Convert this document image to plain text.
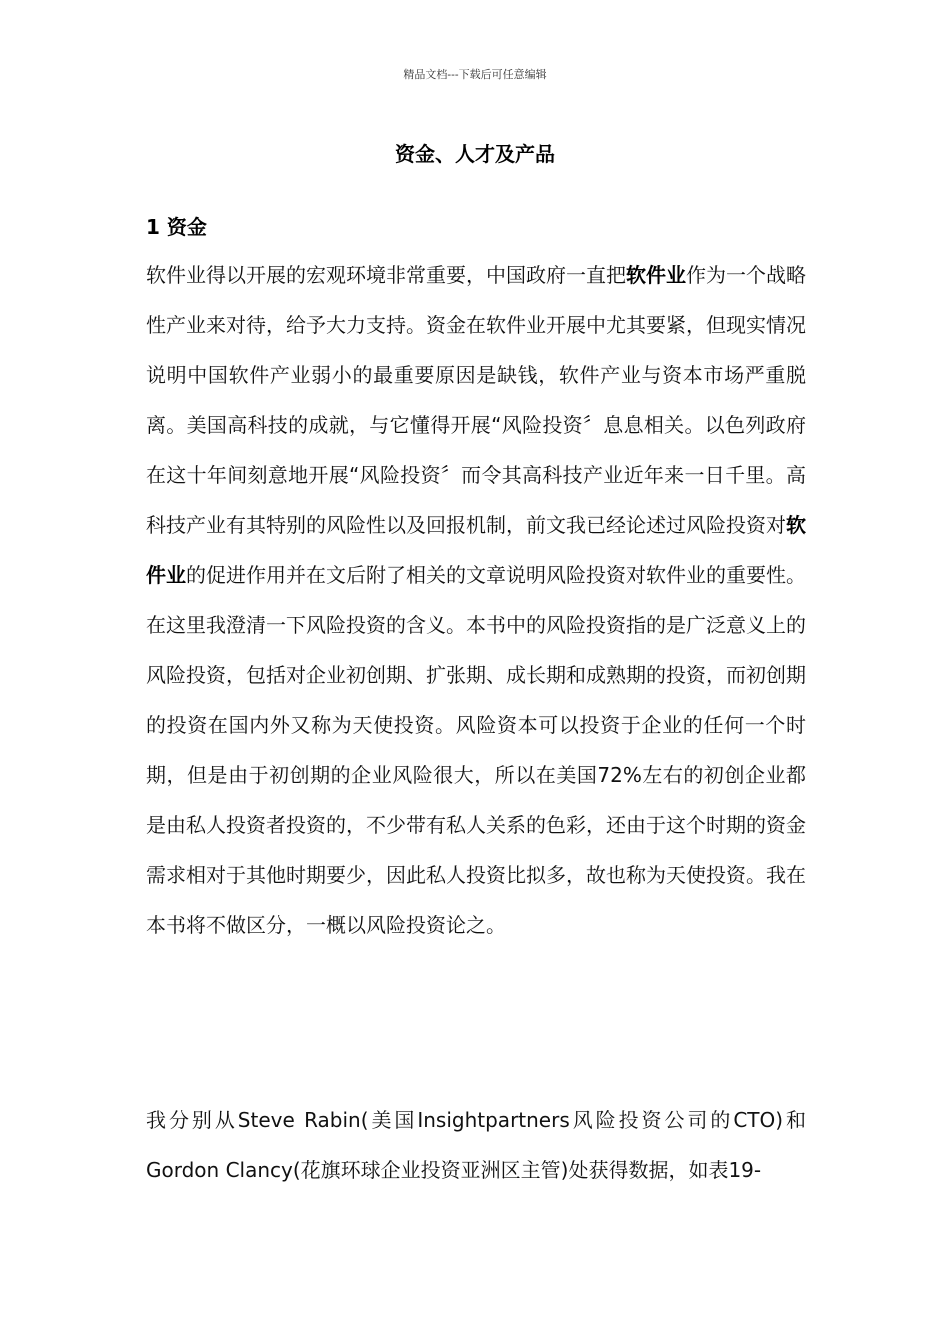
精品文档---下载后可任意编辑
资金、人才及产品
1 资金

软件业得以开展的宏观环境非常重要，中国政府一直把软件业作为一个战略性产业来对待，给予大力支持。资金在软件业开展中尤其要紧，但现实情况说明中国软件产业弱小的最重要原因是缺钱，软件产业与资本市场严重脱离。美国高科技的成就，与它懂得开展“风险投资〞息息相关。以色列政府在这十年间刻意地开展“风险投资〞而令其高科技产业近年来一日千里。高科技产业有其特别的风险性以及回报机制，前文我已经论述过风险投资对软件业的促进作用并在文后附了相关的文章说明风险投资对软件业的重要性。在这里我澄清一下风险投资的含义。本书中的风险投资指的是广泛意义上的风险投资，包括对企业初创期、扩张期、成长期和成熟期的投资，而初创期的投资在国内外又称为天使投资。风险资本可以投资于企业的任何一个时期，但是由于初创期的企业风险很大，所以在美国72%左右的初创企业都是由私人投资者投资的，不少带有私人关系的色彩，还由于这个时期的资金需求相对于其他时期要少，因此私人投资比拟多，故也称为天使投资。我在本书将不做区分，一概以风险投资论之。

我分别从Steve Rabin(美国Insightpartners风险投资公司的CTO)和Gordon Clancy(花旗环球企业投资亚洲区主管)处获得数据，如表19-
